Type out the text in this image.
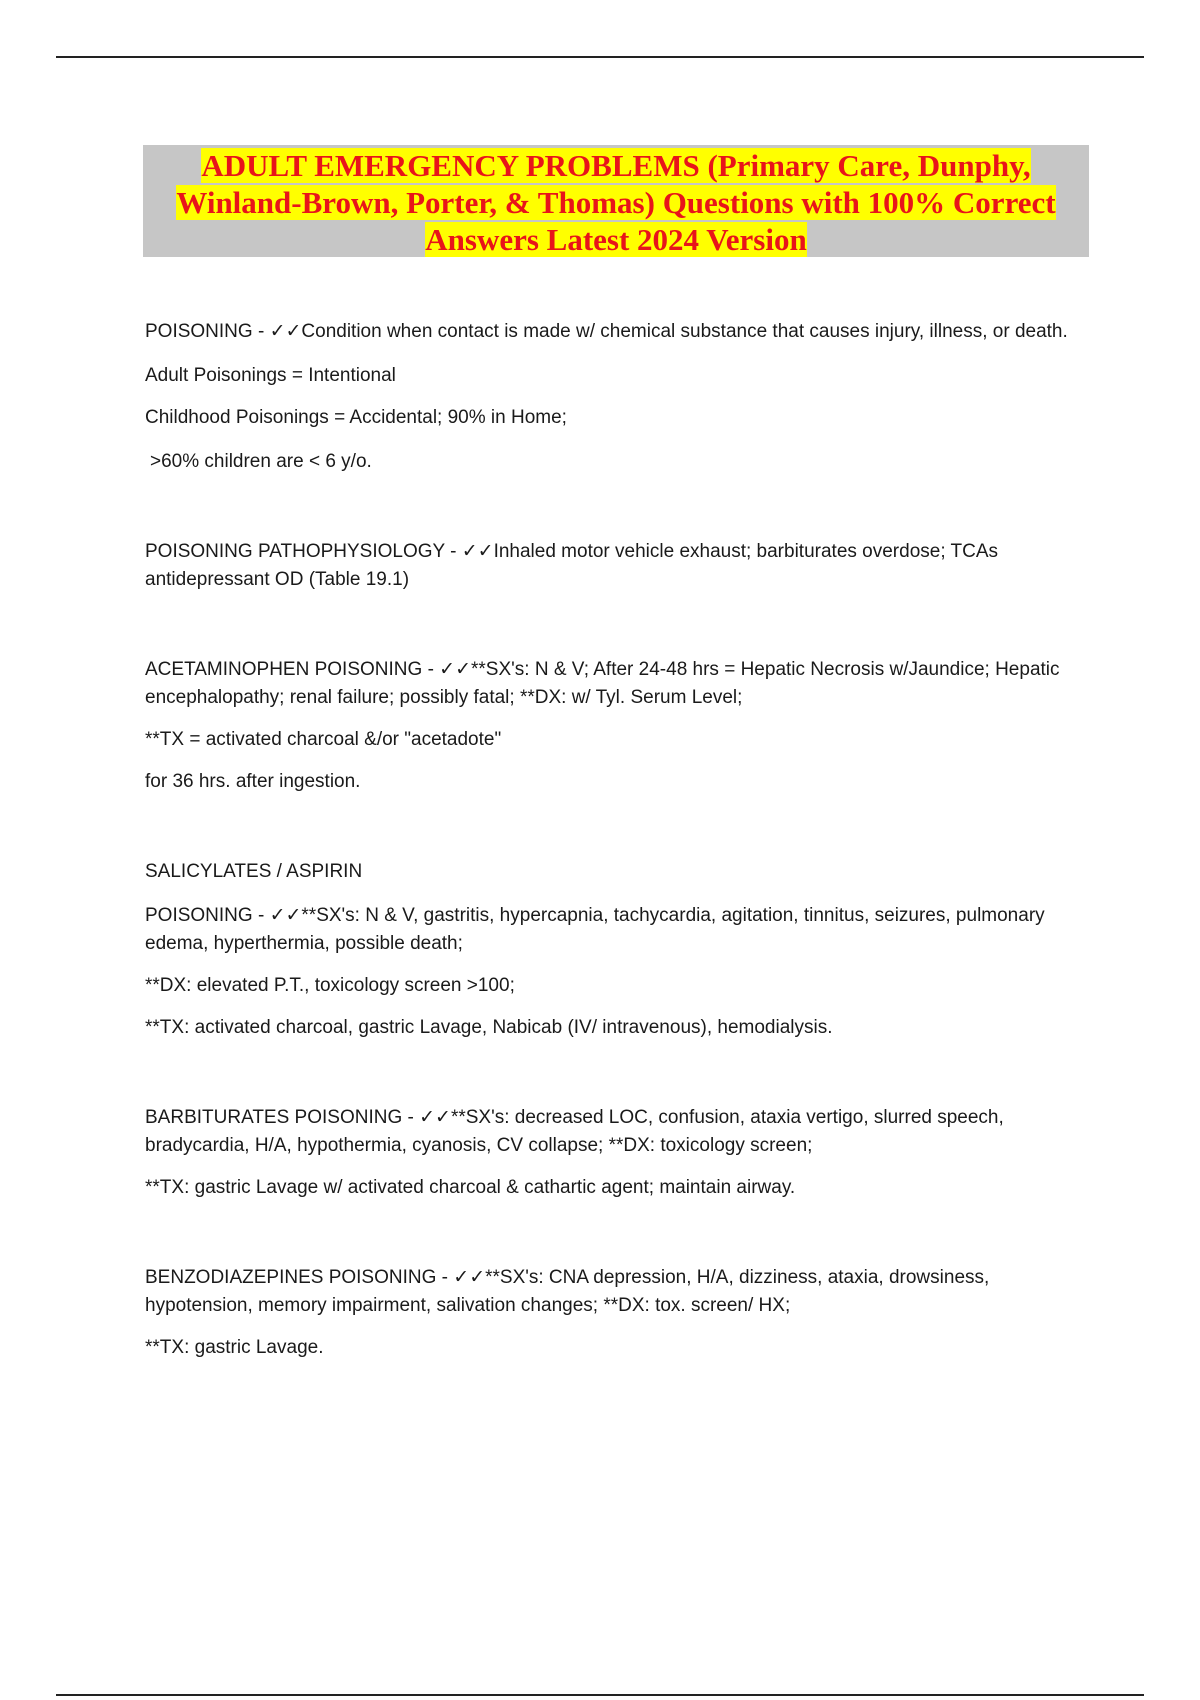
ADULT EMERGENCY PROBLEMS (Primary Care, Dunphy,
Winland-Brown, Porter, & Thomas) Questions with 100% Correct
Answers Latest 2024 Version

POISONING - ✓✓Condition when contact is made w/ chemical substance that causes injury, illness, or death.

Adult Poisonings = Intentional

Childhood Poisonings = Accidental; 90% in Home;

>60% children are < 6 y/o.

POISONING PATHOPHYSIOLOGY - ✓✓Inhaled motor vehicle exhaust; barbiturates overdose; TCAs antidepressant OD (Table 19.1)

ACETAMINOPHEN POISONING - ✓✓**SX's: N & V; After 24-48 hrs = Hepatic Necrosis w/Jaundice; Hepatic encephalopathy; renal failure; possibly fatal; **DX: w/ Tyl. Serum Level;

**TX = activated charcoal &/or "acetadote"

for 36 hrs. after ingestion.

SALICYLATES / ASPIRIN

POISONING - ✓✓**SX's: N & V, gastritis, hypercapnia, tachycardia, agitation, tinnitus, seizures, pulmonary edema, hyperthermia, possible death;

**DX: elevated P.T., toxicology screen >100;

**TX: activated charcoal, gastric Lavage, Nabicab (IV/ intravenous), hemodialysis.

BARBITURATES POISONING - ✓✓**SX's: decreased LOC, confusion, ataxia vertigo, slurred speech, bradycardia, H/A, hypothermia, cyanosis, CV collapse; **DX: toxicology screen;

**TX: gastric Lavage w/ activated charcoal & cathartic agent; maintain airway.

BENZODIAZEPINES POISONING - ✓✓**SX's: CNA depression, H/A, dizziness, ataxia, drowsiness, hypotension, memory impairment, salivation changes; **DX: tox. screen/ HX;

**TX: gastric Lavage.
